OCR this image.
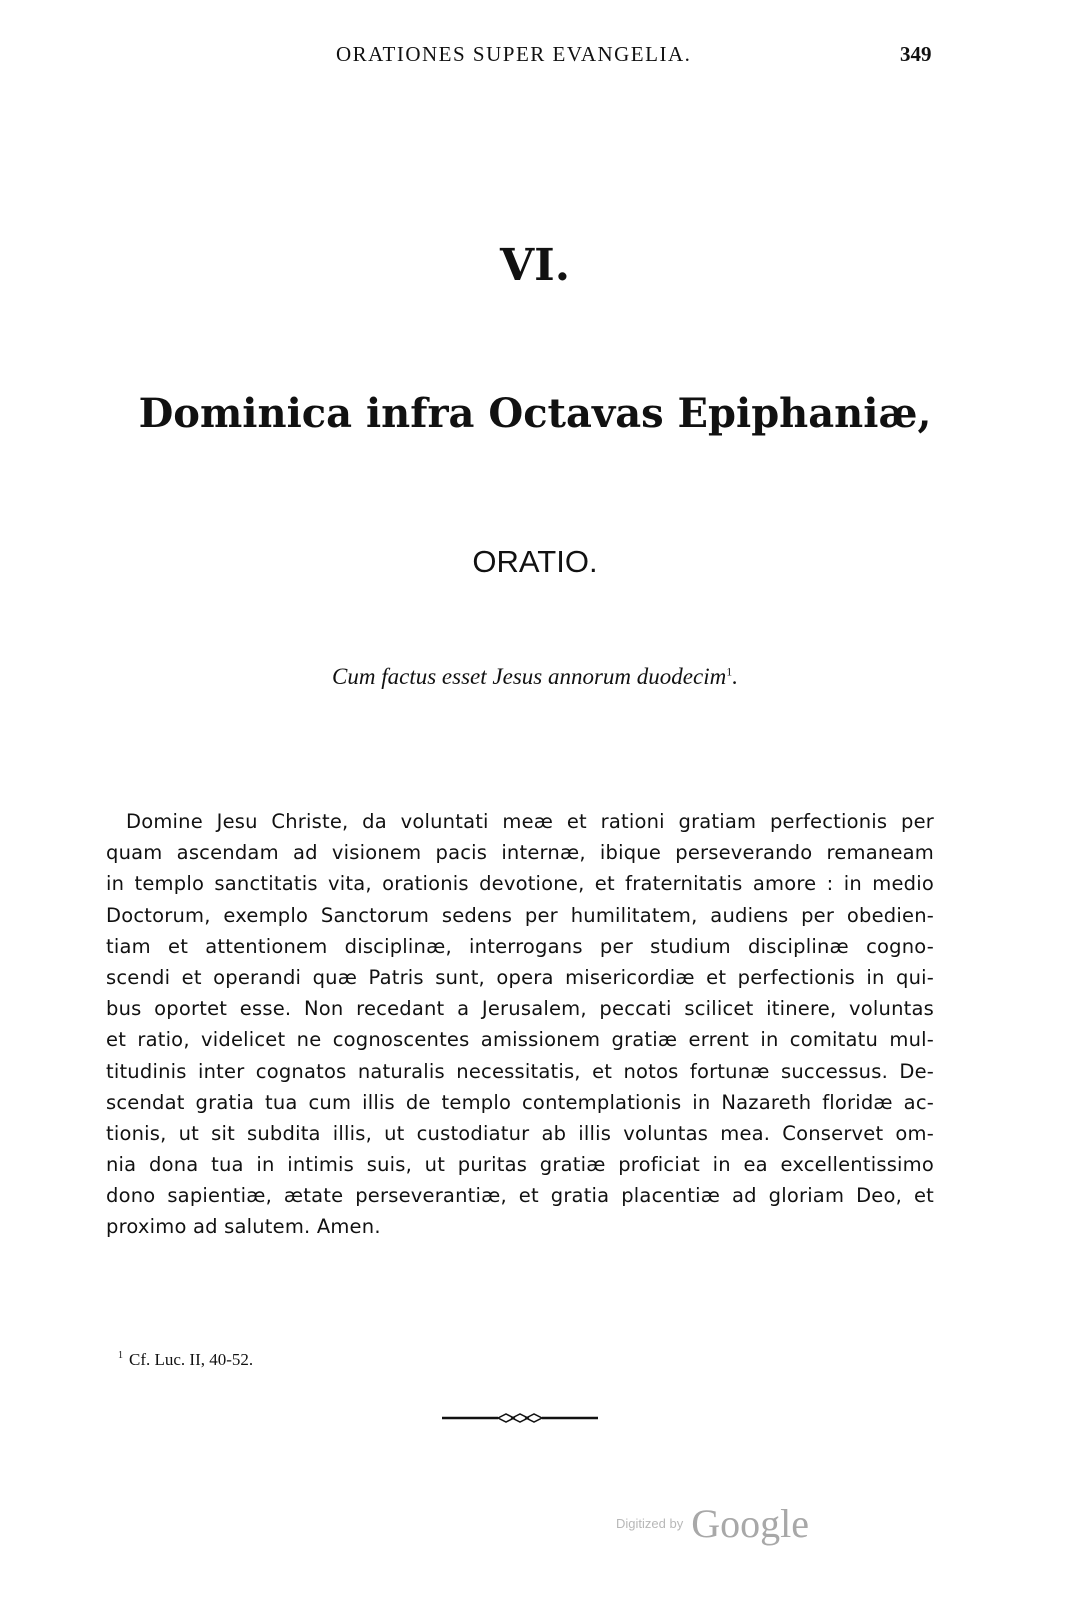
ORATIONES SUPER EVANGELIA.	349
VI.
Dominica infra Octavas Epiphaniæ,
ORATIO.
Cum factus esset Jesus annorum duodecim$^1$.
Domine Jesu Christe, da voluntati meæ et rationi gratiam perfectionis per
quam ascendam ad visionem pacis internæ, ibique perseverando remaneam
in templo sanctitatis vita, orationis devotione, et fraternitatis amore : in medio
Doctorum, exemplo Sanctorum sedens per humilitatem, audiens per obedien-
tiam et attentionem disciplinæ, interrogans per studium disciplinæ cogno-
scendi et operandi quæ Patris sunt, opera misericordiæ et perfectionis in qui-
bus oportet esse. Non recedant a Jerusalem, peccati scilicet itinere, voluntas
et ratio, videlicet ne cognoscentes amissionem gratiæ errent in comitatu mul-
titudinis inter cognatos naturalis necessitatis, et notos fortunæ successus. De-
scendat gratia tua cum illis de templo contemplationis in Nazareth floridæ ac-
tionis, ut sit subdita illis, ut custodiatur ab illis voluntas mea. Conservet om-
nia dona tua in intimis suis, ut puritas gratiæ proficiat in ea excellentissimo
dono sapientiæ, ætate perseverantiæ, et gratia placentiæ ad gloriam Deo, et
proximo ad salutem. Amen.
$^1$ Cf. Luc. II, 40-52.
Digitized by Google
